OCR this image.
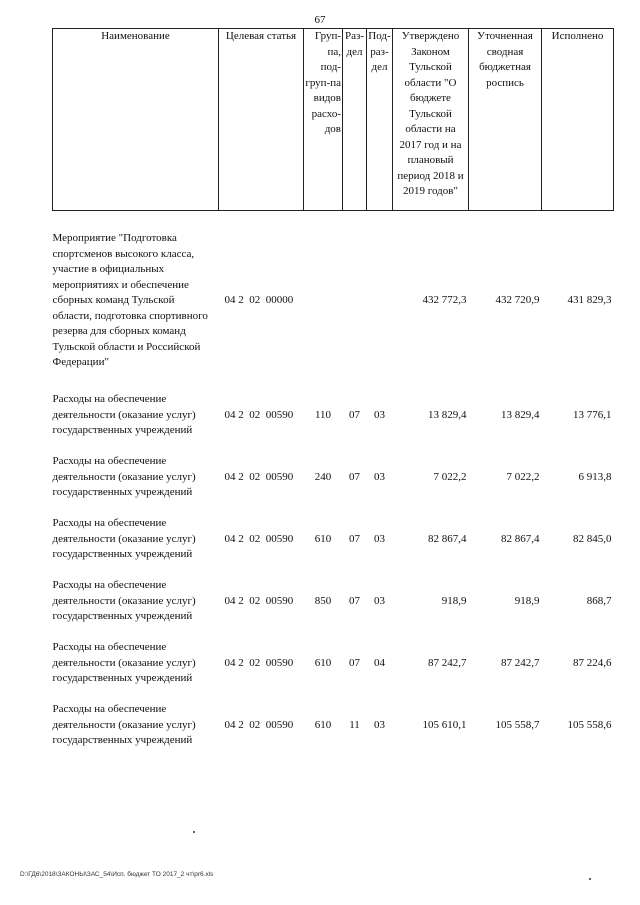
67
Наименование	Целевая статья	Груп-па, под-груп-па видов расхо-дов	Раз-дел	Под-раз-дел	Утверждено Законом Тульской области "О бюджете Тульской области на 2017 год и на плановый период 2018 и 2019 годов"	Уточненная сводная бюджетная роспись	Исполнено
Мероприятие "Подготовка спортсменов высокого класса, участие в официальных мероприятиях и обеспечение сборных команд Тульской области, подготовка спортивного резерва для сборных команд Тульской области и Российской Федерации"	04 2  02  00000				432 772,3	432 720,9	431 829,3
Расходы на обеспечение деятельности (оказание услуг) государственных учреждений	04 2  02  00590	110	07	03	13 829,4	13 829,4	13 776,1
Расходы на обеспечение деятельности (оказание услуг) государственных учреждений	04 2  02  00590	240	07	03	7 022,2	7 022,2	6 913,8
Расходы на обеспечение деятельности (оказание услуг) государственных учреждений	04 2  02  00590	610	07	03	82 867,4	82 867,4	82 845,0
Расходы на обеспечение деятельности (оказание услуг) государственных учреждений	04 2  02  00590	850	07	03	918,9	918,9	868,7
Расходы на обеспечение деятельности (оказание услуг) государственных учреждений	04 2  02  00590	610	07	04	87 242,7	87 242,7	87 224,6
Расходы на обеспечение деятельности (оказание услуг) государственных учреждений	04 2  02  00590	610	11	03	105 610,1	105 558,7	105 558,6
D:\ГД6\2018\ЗАКОНЫ\ЗАС_54\Исп. бюджет ТО 2017_2 чт\pr6.xls
